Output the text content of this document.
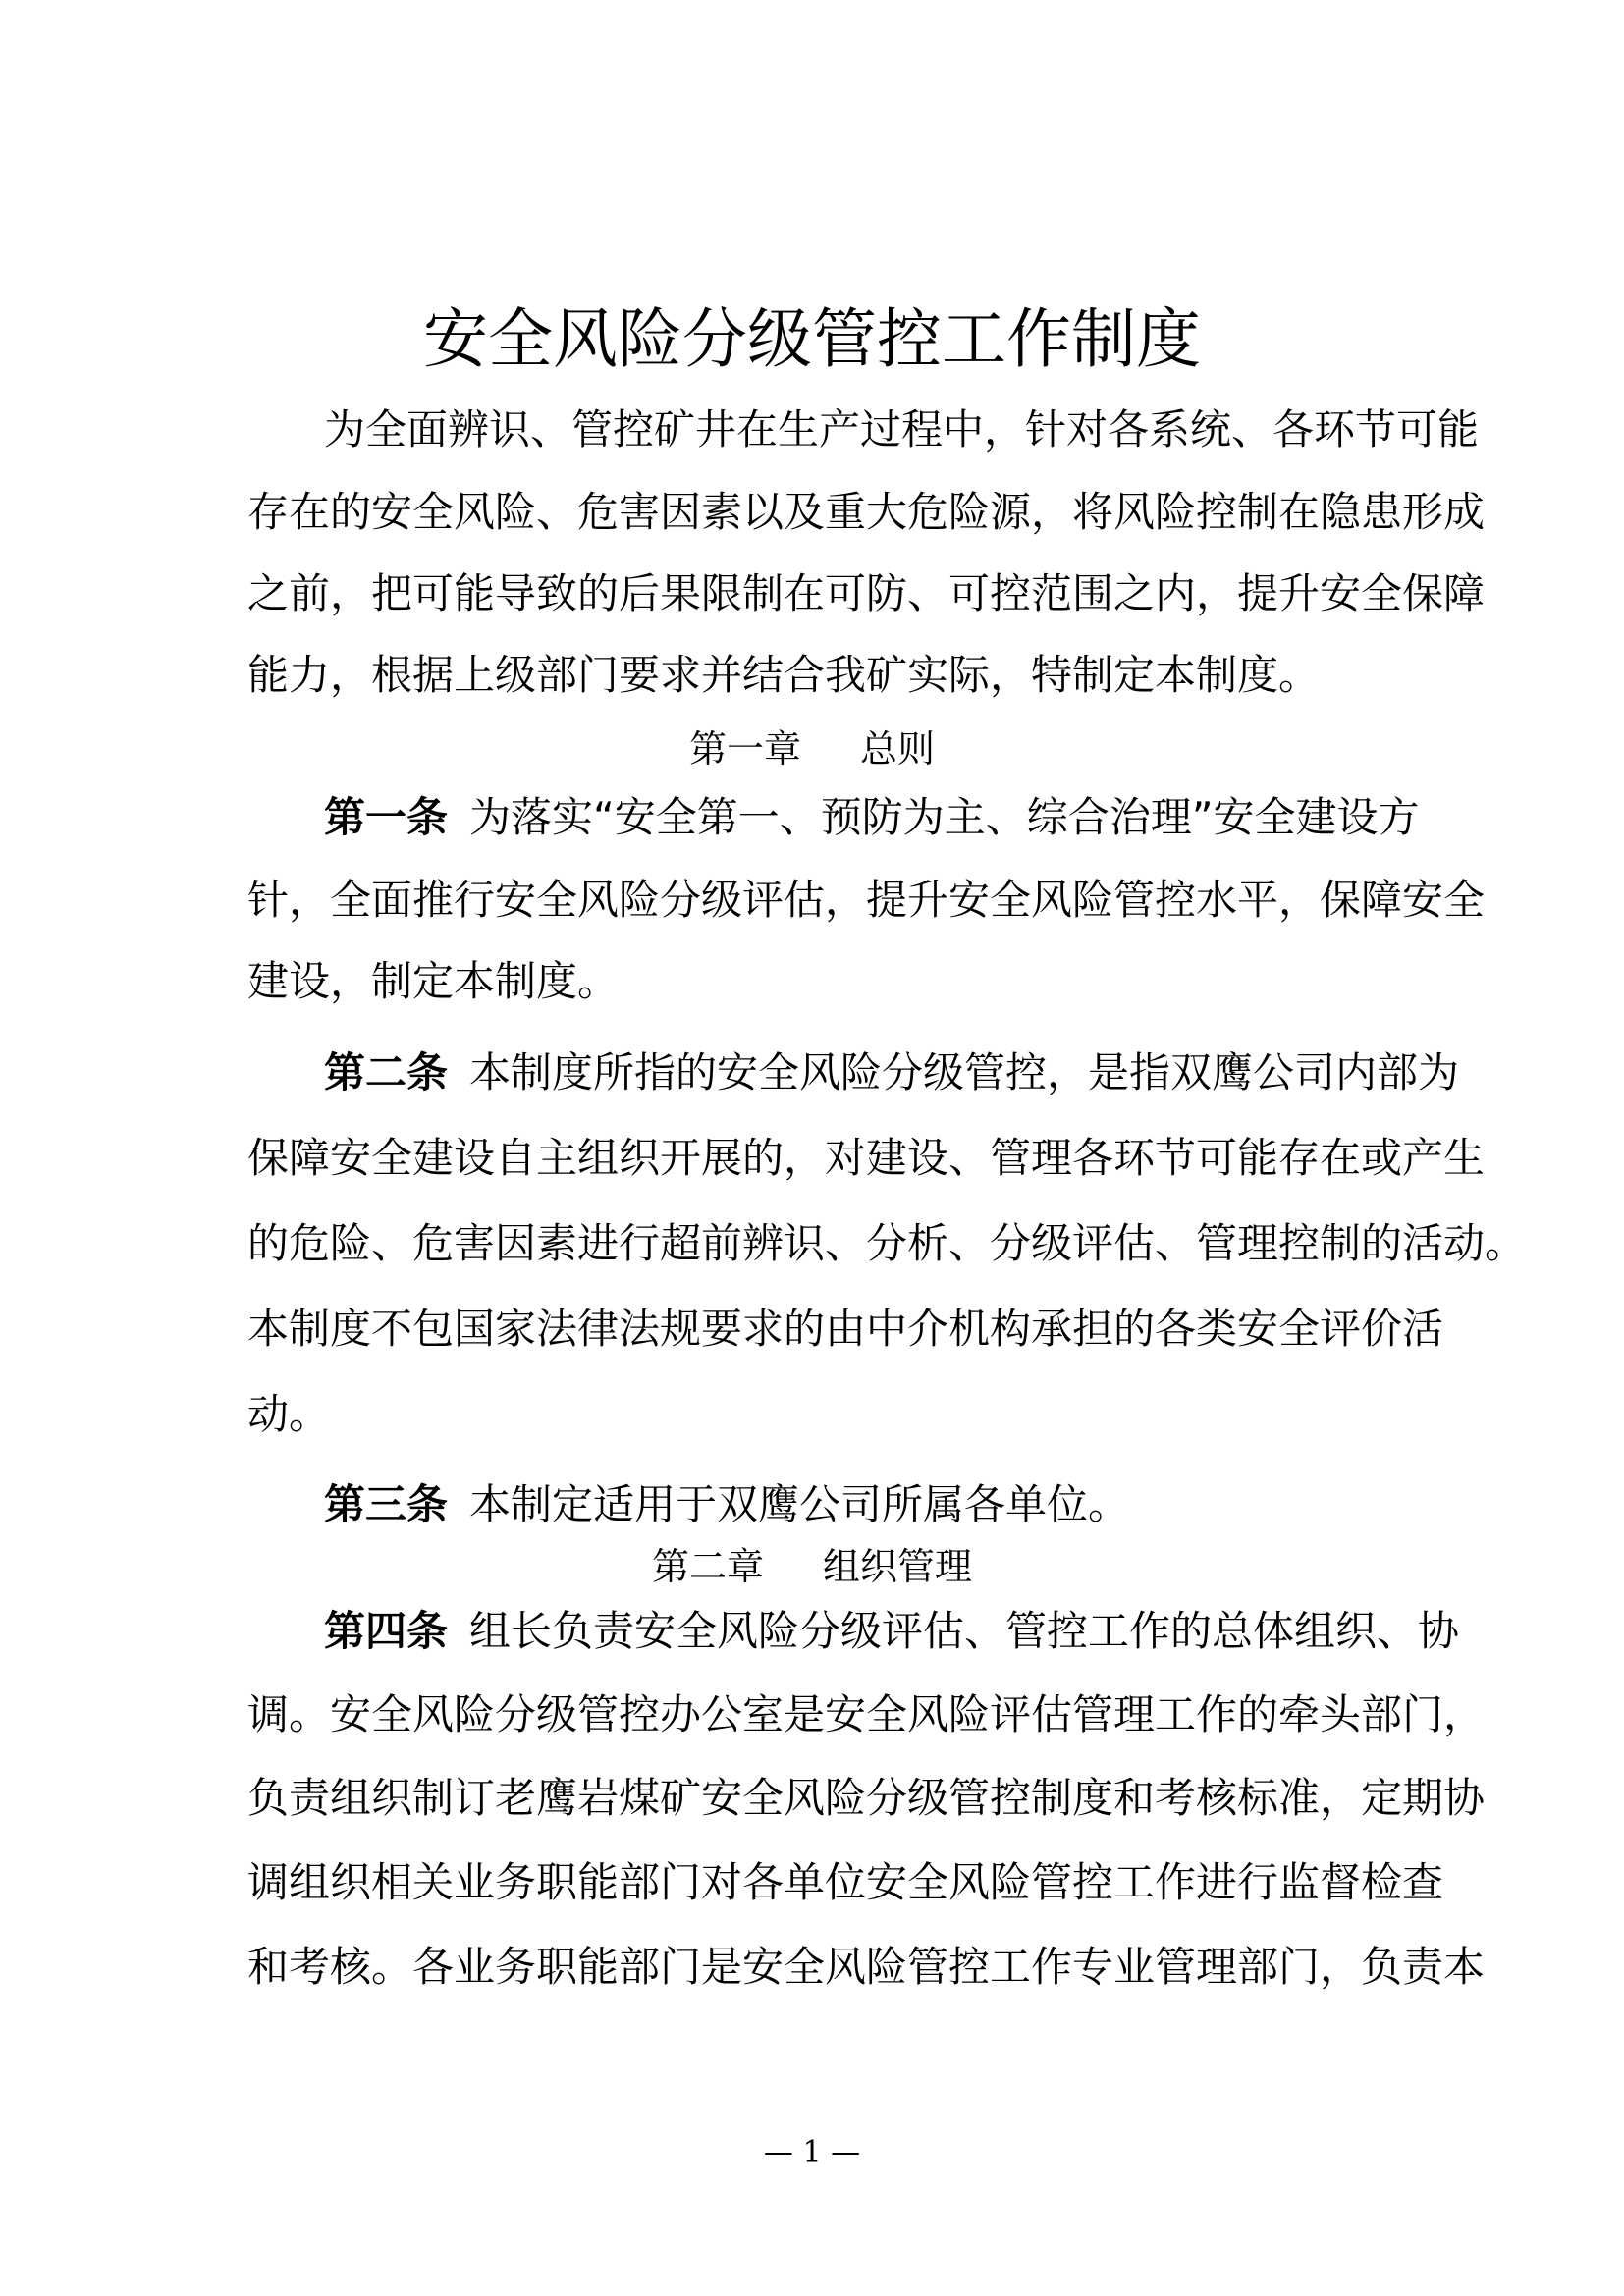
安全风险分级管控工作制度
为全面辨识、管控矿井在生产过程中，针对各系统、各环节可能
存在的安全风险、危害因素以及重大危险源，将风险控制在隐患形成
之前，把可能导致的后果限制在可防、可控范围之内，提升安全保障
能力，根据上级部门要求并结合我矿实际，特制定本制度。
第一章 总则
第一条 为落实“安全第一、预防为主、综合治理”安全建设方
针，全面推行安全风险分级评估，提升安全风险管控水平，保障安全
建设，制定本制度。
第二条 本制度所指的安全风险分级管控，是指双鹰公司内部为
保障安全建设自主组织开展的，对建设、管理各环节可能存在或产生
的危险、危害因素进行超前辨识、分析、分级评估、管理控制的活动。
本制度不包国家法律法规要求的由中介机构承担的各类安全评价活
动。
第三条 本制定适用于双鹰公司所属各单位。
第二章 组织管理
第四条 组长负责安全风险分级评估、管控工作的总体组织、协
调。安全风险分级管控办公室是安全风险评估管理工作的牵头部门，
负责组织制订老鹰岩煤矿安全风险分级管控制度和考核标准，定期协
调组织相关业务职能部门对各单位安全风险管控工作进行监督检查
和考核。各业务职能部门是安全风险管控工作专业管理部门，负责本
— 1 —
